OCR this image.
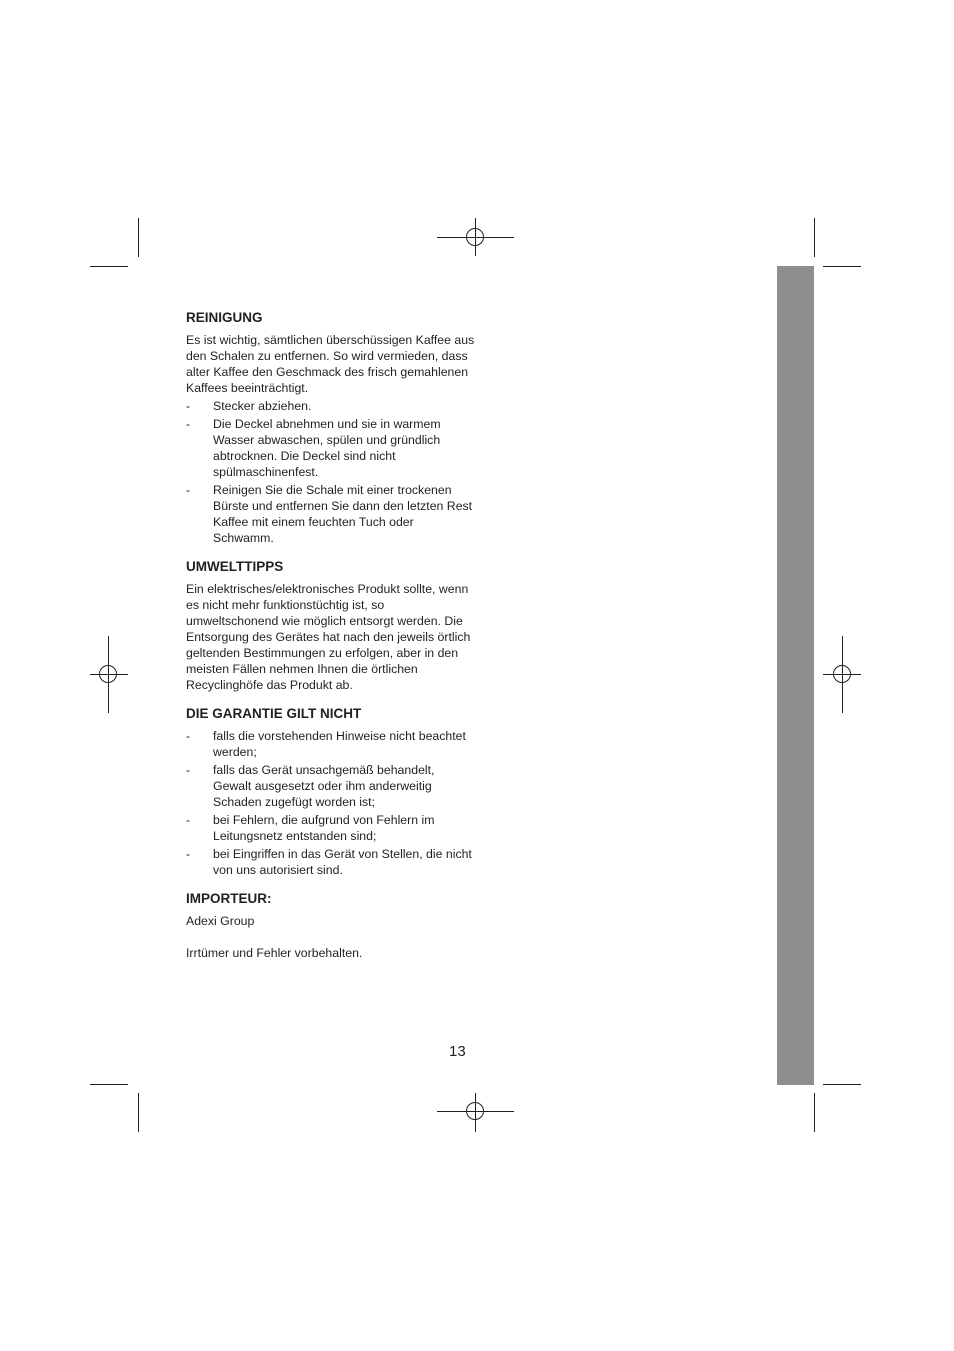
REINIGUNG

Es ist wichtig, sämtlichen überschüssigen Kaffee aus den Schalen zu entfernen. So wird vermieden, dass alter Kaffee den Geschmack des frisch gemahlenen Kaffees beeinträchtigt.

- Stecker abziehen.
- Die Deckel abnehmen und sie in warmem Wasser abwaschen, spülen und gründlich abtrocknen. Die Deckel sind nicht spülmaschinenfest.
- Reinigen Sie die Schale mit einer trockenen Bürste und entfernen Sie dann den letzten Rest Kaffee mit einem feuchten Tuch oder Schwamm.
UMWELTTIPPS

Ein elektrisches/elektronisches Produkt sollte, wenn es nicht mehr funktionstüchtig ist, so umweltschonend wie möglich entsorgt werden. Die Entsorgung des Gerätes hat nach den jeweils örtlich geltenden Bestimmungen zu erfolgen, aber in den meisten Fällen nehmen Ihnen die örtlichen Recyclinghöfe das Produkt ab.

DIE GARANTIE GILT NICHT
- falls die vorstehenden Hinweise nicht beachtet werden;
- falls das Gerät unsachgemäß behandelt, Gewalt ausgesetzt oder ihm anderweitig Schaden zugefügt worden ist;
- bei Fehlern, die aufgrund von Fehlern im Leitungsnetz entstanden sind;
- bei Eingriffen in das Gerät von Stellen, die nicht von uns autorisiert sind.
IMPORTEUR:

Adexi Group

Irrtümer und Fehler vorbehalten.

13
